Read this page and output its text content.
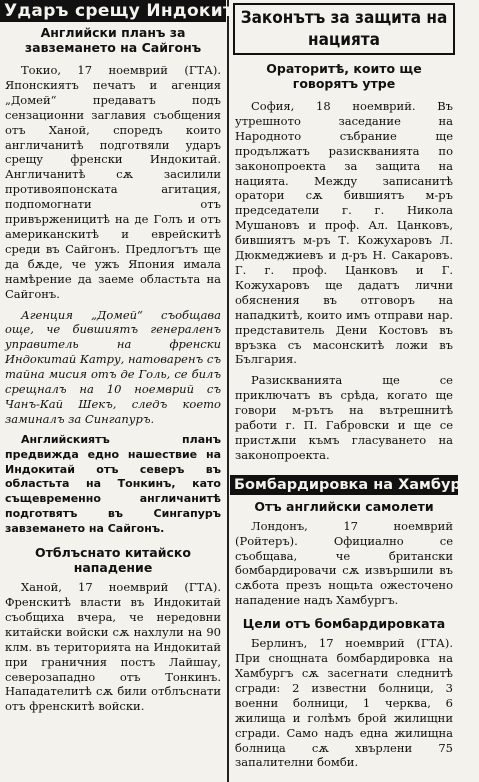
Ударъ срещу Индокитай
Английски планъ за завземането на Сайгонъ

Токио, 17 ноемврий (ГТА). Японскиятъ печатъ и агенция „Домей“ предаватъ подъ сензационни заглавия съобщения отъ Ханой, споредъ които англичанитѣ подготвяли ударъ срещу френски Индокитай. Англичанитѣ сѫ засилили противояпонската агитация, подпомогнати отъ привърженицитѣ на де Голъ и отъ американскитѣ и еврейскитѣ среди въ Сайгонъ. Предлогътъ ще да бѫде, че ужъ Япония имала намѣрение да заеме областьта на Сайгонъ.

Агенция „Домей“ съобщава още, че бившиятъ генераленъ управитель на френски Индокитай Катру, натоваренъ съ тайна мисия отъ де Голь, се билъ срещналъ на 10 ноемврий съ Чанъ-Кай Шекъ, следъ което заминалъ за Сингапуръ.

Английскиятъ планъ предвижда едно нашествие на Индокитай отъ северъ въ областьта на Тонкинъ, като същевременно англичанитѣ подготвятъ въ Сингапуръ завземането на Сайгонъ.

Отблъснато китайско нападение

Ханой, 17 ноемврий (ГТА). Френскитѣ власти въ Индокитай съобщиха вчера, че нередовни китайски войски сѫ нахлули на 90 клм. въ територията на Индокитай при граничния постъ Лайшау, северозападно отъ Тонкинъ. Нападателитѣ сѫ били отблъснати отъ френскитѣ войски.

Законътъ за защита на нацията
Ораторитѣ, които ще говорятъ утре

София, 18 ноемврий. Въ утрешното заседание на Народното събрание ще продължатъ разискванията по законопроекта за защита на нацията. Между записанитѣ оратори сѫ бившиятъ м-ръ председатели г. г. Никола Мушановъ и проф. Ал. Цанковъ, бившиятъ м-ръ Т. Кожухаровъ Л. Дюкмеджиевъ и д-ръ Н. Сакаровъ. Г. г. проф. Цанковъ и Г. Кожухаровъ ще дадатъ лични обяснения въ отговоръ на нападкитѣ, които имъ отправи нар. представитель Дени Костовъ въ връзка съ масонскитѣ ложи въ България.

Разискванията ще се приключатъ въ срѣда, когато ще говори м-рътъ на вътрешнитѣ работи г. П. Габровски и ще се пристѫпи къмъ гласуването на законопроекта.

Бомбардировка на Хамбургъ
Отъ английски самолети

Лондонъ, 17 ноемврий (Ройтеръ). Официално се съобщава, че британски бомбардировачи сѫ извършили въ сѫбота презъ нощьта ожесточено нападение надъ Хамбургъ.

Цели отъ бомбардировката

Берлинъ, 17 ноемврий (ГТА). При снощната бомбардировка на Хамбургъ сѫ засегнати следнитѣ сгради: 2 известни болници, 3 военни болници, 1 черква, 6 жилища и голѣмъ брой жилищни сгради. Само надъ една жилищна болница сѫ хвърлени 75 запалителни бомби.
